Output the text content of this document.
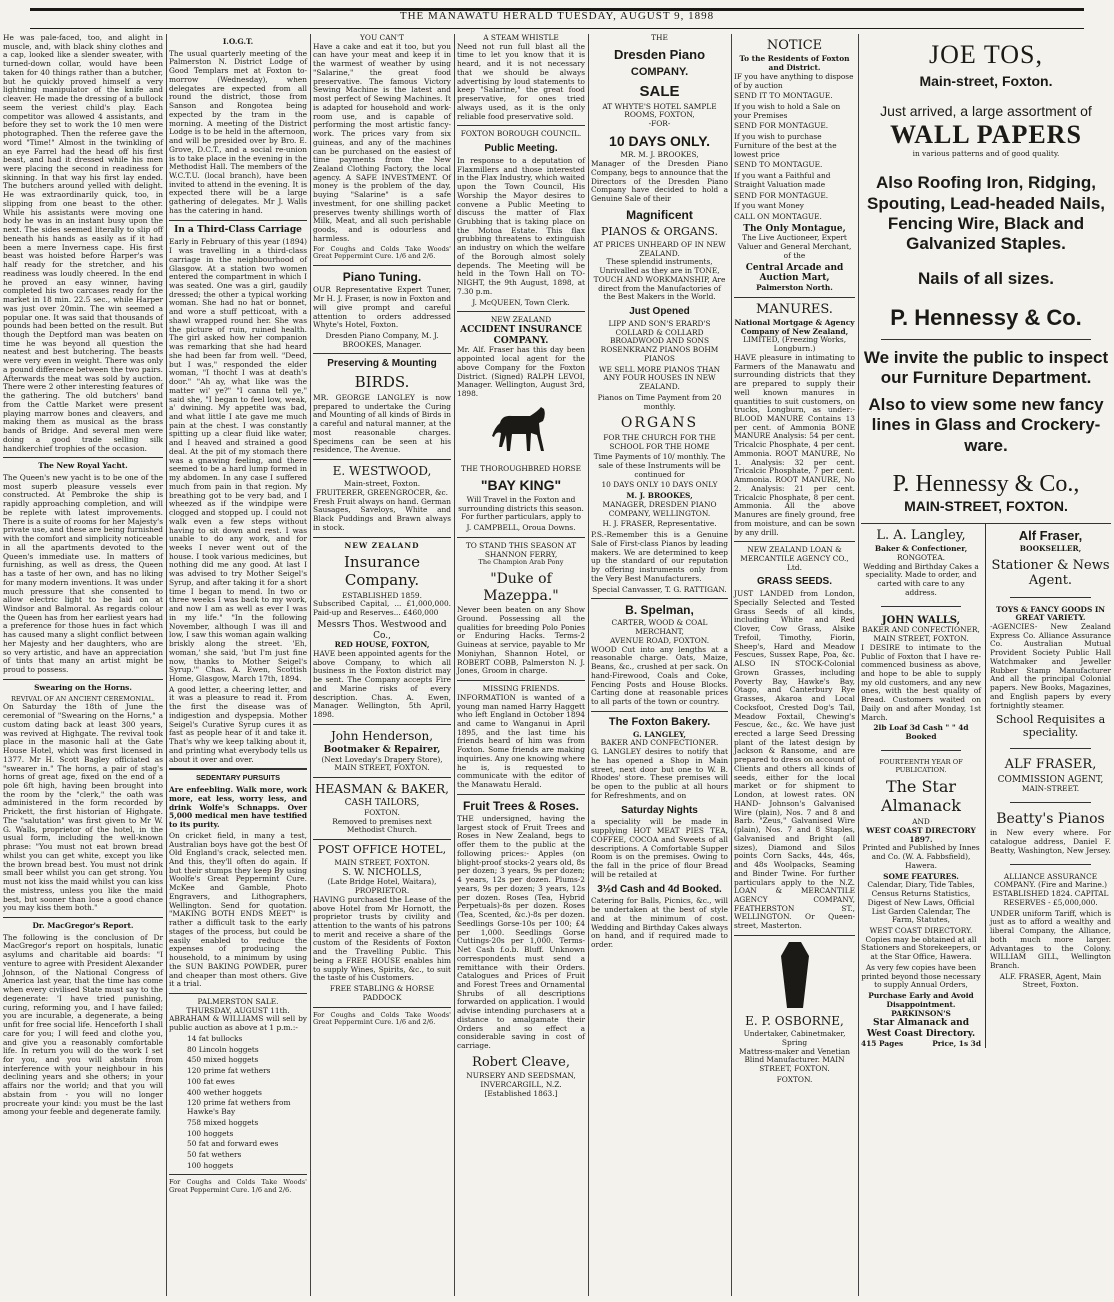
THE MANAWATU HERALD TUESDAY, AUGUST 9, 1898

He was pale-faced, too, and alight in muscle, and, with black shiny clothes and a cap, looked like a slender sweater, with turned-down collar, would have been taken for 40 things rather than a butcher, but he quickly proved himself a very lightning manipulator of the knife and cleaver. He made the dressing of a bullock seem the veriest child's play. Each competitor was allowed 4 assistants, and before they set to work the 10 men were photographed. Then the referee gave the word "Time!" Almost in the twinkling of an eye Farrel had the head off his first beast, and had it dressed while his men were placing the second in readiness for skinning. In that way his first lay ended. The butchers around yelled with delight. He was extraordinarily quick, too, in slipping from one beast to the other. While his assistants were moving one body he was in an instant busy upon the next. The sides seemed literally to slip off beneath his hands as easily as if it had been a mere Inverness cape. His first beast was hoisted before Harper's was half ready for the stretcher, and his readiness was loudly cheered. In the end he proved an easy winner, having completed his two carcases ready for the market in 18 min. 22.5 sec., while Harper was just over 20min. The win seemed a popular one. It was said that thousands of pounds had been betted on the result. But though the Deptford man was beaten on time he was beyond all question the neatest and best butchering. The beasts were very even in weight. There was only a pound difference between the two pairs. Afterwards the meat was sold by auction. There were 2 other interesting features of the gathering. The old butchers' band from the Cattle Market were present playing marrow bones and cleavers, and making them as musical as the brass bands of Bridge. And several men were doing a good trade selling silk handkerchief trophies of the occasion.

The New Royal Yacht.

The Queen's new yacht is to be one of the most superb pleasure vessels ever constructed. At Pembroke the ship is rapidly approaching completion, and will be replete with latest improvements. There is a suite of rooms for her Majesty's private use, and these are being furnished with the comfort and simplicity noticeable in all the apartments devoted to the Queen's immediate use. In matters of furnishing, as well as dress, the Queen has a taste of her own, and has no liking for many modern inventions. It was under much pressure that she consented to allow electric light to be laid on at Windsor and Balmoral. As regards colour the Queen has from her earliest years had a preference for those hues in fact which has caused many a slight conflict between her Majesty and her daughters, who are so very artistic, and have an appreciation of tints that many an artist might be proud to possess.

Swearing on the Horns.
REVIVAL OF AN ANCIENT CEREMONIAL.

On Saturday the 18th of June the ceremonial of "Swearing on the Horns," a custom dating back at least 300 years, was revived at Highgate. The revival took place in the masonic hall at the Gate House Hotel, which was first licensed in 1377. Mr H. Scott Bagley officiated as "swearer in." The horns, a pair of stag's horns of great age, fixed on the end of a pole 6ft high, having been brought into the room by the "clerk," the oath was administered in the form recorded by Prickett, the first historian of Highgate. The "salutation" was first given to Mr W. G. Walls, proprietor of the hotel, in the usual form, including the well-known phrase: "You must not eat brown bread whilst you can get white, except you like the brown bread best. You must not drink small beer whilst you can get strong. You must not kiss the maid whilst you can kiss the mistress, unless you like the maid best, but sooner than lose a good chance you may kiss them both."

Dr. MacGregor's Report.

The following is the conclusion of Dr MacGregor's report on hospitals, lunatic asylums and charitable aid boards: "I venture to agree with President Alexander Johnson, of the National Congress of America last year, that the time has come when every civilised State must say to the degenerate: 'I have tried punishing, curing, reforming you, and I have failed; you are incurable, a degenerate, a being unfit for free social life. Henceforth I shall care for you; I will feed and clothe you, and give you a reasonably comfortable life. In return you will do the work I set for you, and you will abstain from interference with your neighbour in his declining years and she others; in your affairs nor the world; and that you will abstain from - you will no longer procreate your kind: you must be the last among your feeble and degenerate family.

I.O.G.T.

The usual quarterly meeting of the Palmerston N. District Lodge of Good Templars met at Foxton to-morrow (Wednesday), when delegates are expected from all round the district, those from Sanson and Rongotea being expected by the tram in the morning. A meeting of the District Lodge is to be held in the afternoon, and will be presided over by Bro. E. Grove, D.C.T., and a social re-union is to take place in the evening in the Methodist Hall. The members of the W.C.T.U. (local branch), have been invited to attend in the evening. It is expected there will be a large gathering of delegates. Mr J. Walls has the catering in hand.

In a Third-Class Carriage

Early in February of this year (1894) I was travelling in a third-class carriage in the neighbourhood of Glasgow. At a station two women entered the compartment in which I was seated. One was a girl, gaudily dressed; the other a typical working woman. She had no hat or bonnet, and wore a stuff petticoat, with a shawl wrapped round her. She was the picture of ruin, ruined health. The girl asked how her companion was remarking that she had heard she had been far from well. "Deed, but I was," responded the elder woman, "I thocht I was at death's door." "Ah ay, what like was the matter wi' ye?" "I canna tell ye," said she, "I began to feel low, weak, a' dwining. My appetite was bad, and what little I ate gave me much pain at the chest. I was constantly spitting up a clear fluid like water, and I heaved and strained a good deal. At the pit of my stomach there was a gnawing feeling, and there seemed to be a hard lump formed in my abdomen. In any case I suffered much from pain in that region. My breathing got to be very bad, and I wheezed as if the windpipe were clogged and stopped up. I could not walk even a few steps without having to sit down and rest. I was unable to do any work, and for weeks I never went out of the house. I took various medicines, but nothing did me any good. At last I was advised to try Mother Seigel's Syrup, and after taking it for a short time I began to mend. In two or three weeks I was back to my work, and now I am as well as ever I was in my life." "In the following November, although I was ill and low, I saw this woman again walking briskly along the street. 'Eh, woman,' she said, 'but I'm just fine now, thanks to Mother Seigel's Syrup.'" Chas. A. Ewen, Scottish Home, Glasgow, March 17th, 1894.

A good letter, a cheering letter, and it was a pleasure to read it. From the first the disease was of indigestion and dyspepsia. Mother Seigel's Curative Syrup cures it as fast as people hear of it and take it. That's why we keep talking about it, and printing what everybody tells us about it over and over.

SEDENTARY PURSUITS

Are enfeebling. Walk more, work more, eat less, worry less, and drink Wolfe's Schnapps. Over 5,000 medical men have testified to its purity.

On cricket field, in many a test, Australian boys have got the best Of Old England's crack, selected men. And this, they'll often do again. If but their stumps they keep By using Woolfe's Great Peppermint Cure. McKee and Gamble, Photo Engravers, and Lithographers, Wellington. Send for quotation. "MAKING BOTH ENDS MEET" is rather a difficult task to the early stages of the process, but could be easily enabled to reduce the expenses of producing the household, to a minimum by using the SUN BAKING POWDER, purer and cheaper than most others. Give it a trial.

PALMERSTON SALE.
THURSDAY, AUGUST 11th.

ABRAHAM & WILLIAMS will sell by public auction as above at 1 p.m.:-

14 fat bullocks

80 Lincoln hoggets

450 mixed hoggets

120 prime fat wethers

100 fat ewes

400 wether hoggets

120 prime fat wethers from Hawke's Bay

758 mixed hoggets

100 hoggets

50 fat and forward ewes

50 fat wethers

100 hoggets

For Coughs and Colds Take Woods' Great Peppermint Cure. 1/6 and 2/6.

YOU CAN'T

Have a cake and eat it too, but you can have your meat and keep it in the warmest of weather by using "Salarine," the great food preservative. The famous Victory Sewing Machine is the latest and most perfect of Sewing Machines. It is adapted for household and work-room use, and is capable of performing the most artistic fancy-work. The prices vary from six guineas, and any of the machines can be purchased on the easiest of time payments from the New Zealand Clothing Factory, the local agency. A SAFE INVESTMENT. Of money is the problem of the day, buying "Salarine" is a safe investment, for one shilling packet preserves twenty shillings worth of Milk, Meat, and all such perishable goods, and is odourless and harmless.

For Coughs and Colds Take Woods' Great Peppermint Cure. 1/6 and 2/6.

Piano Tuning.

OUR Representative Expert Tuner, Mr H. J. Fraser, is now in Foxton and will give prompt and careful attention to orders addressed Whyte's Hotel, Foxton.

Dresden Piano Company, M. J. BROOKES, Manager.

Preserving & Mounting
BIRDS.

MR. GEORGE LANGLEY is now prepared to undertake the Curing and Mounting of all kinds of Birds in a careful and natural manner, at the most reasonable charges. Specimens can be seen at his residence, The Avenue.

E. WESTWOOD,
Main-street, Foxton.
FRUITERER, GREENGROCER, &c.

Fresh Fruit always on hand. German Sausages, Saveloys, White and Black Puddings and Brawn always in stock.

NEW ZEALAND
Insurance Company.
ESTABLISHED 1859.

Subscribed Capital, ... £1,000,000. Paid-up and Reserves... £460,000

Messrs Thos. Westwood and Co.,
RED HOUSE, FOXTON,

HAVE been appointed agents for the above Company, to which all business in the Foxton district may be sent. The Company accepts Fire and Marine risks of every description. Chas. A. Ewen, Manager. Wellington, 5th April, 1898.

John Henderson,
Bootmaker & Repairer,
(Next Loveday's Drapery Store), MAIN STREET, FOXTON.
HEASMAN & BAKER,
CASH TAILORS,
FOXTON.

Removed to premises next Methodist Church.

POST OFFICE HOTEL,
MAIN STREET, FOXTON.
S. W. NICHOLLS,
(Late Bridge Hotel, Waitara), PROPRIETOR.

HAVING purchased the Lease of the above Hotel from Mr Hornott, the proprietor trusts by civility and attention to the wants of his patrons to merit and receive a share of the custom of the Residents of Foxton and the Travelling Public. This being a FREE HOUSE enables him to supply Wines, Spirits, &c., to suit the taste of his Customers.

FREE STABLING & HORSE PADDOCK

For Coughs and Colds Take Woods' Great Peppermint Cure. 1/6 and 2/6.

A STEAM WHISTLE

Need not run full blast all the time to let you know that it is heard, and it is not necessary that we should be always advertising by loud statements to keep "Salarine," the great food preservative, for ones tried always used, as it is the only reliable food preservative sold.

FOXTON BOROUGH COUNCIL.
Public Meeting.

In response to a deputation of Flaxmillers and those interested in the Flax Industry, which waited upon the Town Council, His Worship the Mayor desires to convene a Public Meeting to discuss the matter of Flax Grubbing that is taking place on the Motoa Estate. This flax grubbing threatens to extinguish an industry on which the welfare of the Borough almost solely depends. The Meeting will be held in the Town Hall on TO-NIGHT, the 9th August, 1898, at 7.30 p.m.

J. McQUEEN, Town Clerk.

NEW ZEALAND
ACCIDENT INSURANCE COMPANY.

Mr. Alf. Fraser has this day been appointed local agent for the above Company for the Foxton District. (Signed) RALPH LEVOI, Manager. Wellington, August 3rd, 1898.

THE THOROUGHBRED HORSE
"BAY KING"

Will Travel in the Foxton and surrounding districts this season. For further particulars, apply to

J. CAMPBELL, Oroua Downs.

TO STAND THIS SEASON AT SHANNON FERRY,
The Champion Arab Pony
"Duke of Mazeppa."

Never been beaten on any Show Ground. Possessing all the qualities for breeding Polo Ponies or Enduring Hacks. Terms-2 Guineas at service, payable to Mr Moniyhan, Shannon Hotel, or ROBERT COBB, Palmerston N. J. Jones, Groom in charge.

MISSING FRIENDS.

INFORMATION is wanted of a young man named Harry Haggett who left England in October 1894 and came to Wanganui in April 1895, and the last time his friends heard of him was from Foxton. Some friends are making inquiries. Any one knowing where he is, is requested to communicate with the editor of the Manawatu Herald.

Fruit Trees & Roses.

THE undersigned, having the largest stock of Fruit Trees and Roses in New Zealand, begs to offer them to the public at the following prices:- Apples (on blight-proof stocks-2 years old, 8s per dozen; 3 years, 9s per dozen; 4 years, 12s per dozen. Plums-2 years, 9s per dozen; 3 years, 12s per dozen. Roses (Tea, Hybrid Perpetuals)-8s per dozen. Roses (Tea, Scented, &c.)-8s per dozen. Seedlings Gorse-10s per 100; £4 per 1,000. Seedlings Gorse Cuttings-20s per 1,000. Terms-Net Cash f.o.b. Bluff. Unknown correspondents must send a remittance with their Orders. Catalogues and Prices of Fruit and Forest Trees and Ornamental Shrubs of all descriptions forwarded on application. I would advise intending purchasers at a distance to amalgamate their Orders and so effect a considerable saving in cost of carriage.

Robert Cleave,
NURSERY AND SEEDSMAN, INVERCARGILL, N.Z.
[Established 1863.]
THE
Dresden Piano
COMPANY.
SALE
AT WHYTE'S HOTEL SAMPLE ROOMS, FOXTON,
-FOR-
10 DAYS ONLY.
MR. M. J. BROOKES,

Manager of the Dresden Piano Company, begs to announce that the Directors of the Dresden Piano Company have decided to hold a Genuine Sale of their

Magnificent
PIANOS & ORGANS.
AT PRICES UNHEARD OF IN NEW ZEALAND.

These splendid instruments, Unrivalled as they are in TONE, TOUCH AND WORKMANSHIP, Are direct from the Manufactories of the Best Makers in the World.

Just Opened

LIPP AND SON'S ERARD'S COLLARD & COLLARD BROADWOOD AND SONS ROSENKRANZ PIANOS BOHM PIANOS

WE SELL MORE PIANOS THAN ANY FOUR HOUSES IN NEW ZEALAND.

Pianos on Time Payment from 20 monthly.

ORGANS

FOR THE CHURCH FOR THE SCHOOL FOR THE HOME

Time Payments of 10/ monthly. The sale of these Instruments will be continued for

10 DAYS ONLY 10 DAYS ONLY

M. J. BROOKES,

MANAGER, DRESDEN PIANO COMPANY, WELLINGTON.

H. J. FRASER, Representative.

P.S.-Remember this is a Genuine Sale of First-class Pianos by leading makers. We are determined to keep up the standard of our reputation by offering instruments only from the Very Best Manufacturers.

Special Canvasser, T. G. RATTIGAN.

B. Spelman,
CARTER, WOOD & COAL MERCHANT,
AVENUE ROAD, FOXTON.

WOOD Cut into any lengths at a reasonable charge. Oats, Maize, Beans, &c., crushed at per sack. On hand-Firewood, Coals and Coke, Fencing Posts and House Blocks. Carting done at reasonable prices to all parts of the town or country.

The Foxton Bakery.
G. LANGLEY,
BAKER AND CONFECTIONER.

G. LANGLEY desires to notify that he has opened a Shop in Main street, next door but one to W. B. Rhodes' store. These premises will be open to the public at all hours for Refreshments, and on

Saturday Nights

a speciality will be made in supplying HOT MEAT PIES TEA, COFFEE, COCOA and Sweets of all descriptions. A Comfortable Supper Room is on the premises. Owing to the fall in the price of flour Bread will be retailed at

3½d Cash and 4d Booked.

Catering for Balls, Picnics, &c., will be undertaken at the best of style and at the minimum of cost. Wedding and Birthday Cakes always on hand, and if required made to order.

NOTICE
To the Residents of Foxton and District.

IF you have anything to dispose of by auction

SEND IT TO MONTAGUE.

If you wish to hold a Sale on your Premises

SEND FOR MONTAGUE.

If you wish to purchase Furniture of the best at the lowest price

SEND TO MONTAGUE.

If you want a Faithful and Straight Valuation made

SEND FOR MONTAGUE.

If you want Money

CALL ON MONTAGUE.

The Only Montague,

The Live Auctioneer, Expert Valuer and General Merchant, of the

Central Arcade and Auction Mart,
Palmerston North.
MANURES.
National Mortgage & Agency Company of New Zealand,
LIMITED, (Freezing Works, Longburn.)

HAVE pleasure in intimating to Farmers of the Manawatu and surrounding districts that they are prepared to supply their well known manures in quantities to suit customers, on trucks, Longburn, as under:- BLOOD MANURE Contains 13 per cent. of Ammonia BONE MANURE Analysis: 54 per cent. Tricalcic Phosphate, 4 per cent. Ammonia. ROOT MANURE, No 1. Analysis: 32 per cent. Tricalcic Phosphate, 7 per cent. Ammonia. ROOT MANURE, No 2. Analysis: 21 per cent. Tricalcic Phosphate, 8 per cent. Ammonia. All the above Manures are finely ground, free from moisture, and can be sown by any drill.

NEW ZEALAND LOAN & MERCANTILE AGENCY CO., Ltd.
GRASS SEEDS.

JUST LANDED from London, Specially Selected and Tested Grass Seeds of all kinds, including White and Red Clover, Cow Grass, Alsike Trefoil, Timothy, Fiorin, Sheep's, Hard and Meadow Fescues, Sussex Rape, Poa, &c. ALSO IN STOCK-Colonial Grown Grasses, including Poverty Bay, Hawke's Bay, Otago, and Canterbury Rye Grasses, Akaroa and Local Cocksfoot, Crested Dog's Tail, Meadow Foxtail, Chewing's Fescue, &c., &c. We have just erected a large Seed Dressing plant of the latest design by Jackson & Ransome, and are prepared to dress on account of Clients and others all kinds of seeds, either for the local market or for shipment to London, at lowest rates. ON HAND- Johnson's Galvanised Wire (plain), Nos. 7 and 8 and Barb. "Zeus," Galvanised Wire (plain), Nos. 7 and 8 Staples, Galvanised and Bright (all sizes), Diamond and Silos points Corn Sacks, 44s, 46s, and 48s Woolpacks, Seaming and Binder Twine. For further particulars apply to the N.Z. LOAN & MERCANTILE AGENCY COMPANY, FEATHERSTON ST., WELLINGTON. Or Queen-street, Masterton.

E. P. OSBORNE,
Undertaker, Cabinetmaker, Spring

Mattress-maker and Venetian Blind Manufacturer. MAIN STREET, FOXTON.

FOXTON.
JOE TOS,
Main-street, Foxton.
Just arrived, a large assortment of
WALL PAPERS
in various patterns and of good quality.
Also Roofing Iron, Ridging, Spouting, Lead-headed Nails, Fencing Wire, Black and Galvanized Staples.
Nails of all sizes.
P. Hennessy & Co.
We invite the public to inspect our Furniture Department.
Also to view some new fancy lines in Glass and Crockery-ware.
P. Hennessy & Co.,
MAIN-STREET, FOXTON.
L. A. Langley,
Baker & Confectioner,
RONGOTEA.

Wedding and Birthday Cakes a speciality. Made to order, and carted with care to any address.

JOHN WALLS,
BAKER AND CONFECTIONER,
MAIN STREET, FOXTON.

I DESIRE to intimate to the Public of Foxton that I have re-commenced business as above, and hope to be able to supply my old customers, and any new ones, with the best quality of Bread. Customers waited on Daily on and after Monday, 1st March.

2lb Loaf 3d Cash " " 4d Booked
FOURTEENTH YEAR OF PUBLICATION.
The Star Almanack
AND
WEST COAST DIRECTORY 1897.

Printed and Published by Innes and Co. (W. A. Fabbsfield), Hawera.

SOME FEATURES.

Calendar, Diary, Tide Tables, Census Returns Statistics, Digest of New Laws, Official List Garden Calendar, The Farm, Statutes,

WEST COAST DIRECTORY.

Copies may be obtained at all Stationers and Storekeepers, or at the Star Office, Hawera.

As very few copies have been printed beyond those necessary to supply Annual Orders,

Purchase Early and Avoid Disappointment.
PARKINSON'S
Star Almanack and West Coast Directory.
415 Pages	Price, 1s 3d
Alf Fraser,
BOOKSELLER,
Stationer & News Agent.
TOYS & FANCY GOODS IN GREAT VARIETY.

-AGENCIES- New Zealand Express Co. Alliance Assurance Co. Australian Mutual Provident Society Public Hall Watchmaker and Jeweller Rubber Stamp Manufacturer And all the principal Colonial papers. New Books, Magazines, and English papers by every fortnightly steamer.

School Requisites a speciality.
ALF FRASER,
COMMISSION AGENT,
MAIN-STREET.
Beatty's Pianos

in New every where. For catalogue address, Daniel F. Beatty, Washington, New Jersey.

ALLIANCE ASSURANCE COMPANY. (Fire and Marine.) ESTABLISHED 1824. CAPITAL RESERVES - £5,000,000.

UNDER uniform Tariff, which is just as to afford a wealthy and liberal Company, the Alliance, both much more larger. Advantages to the Colony. WILLIAM GILL, Wellington Branch.

ALF. FRASER, Agent, Main Street, Foxton.
